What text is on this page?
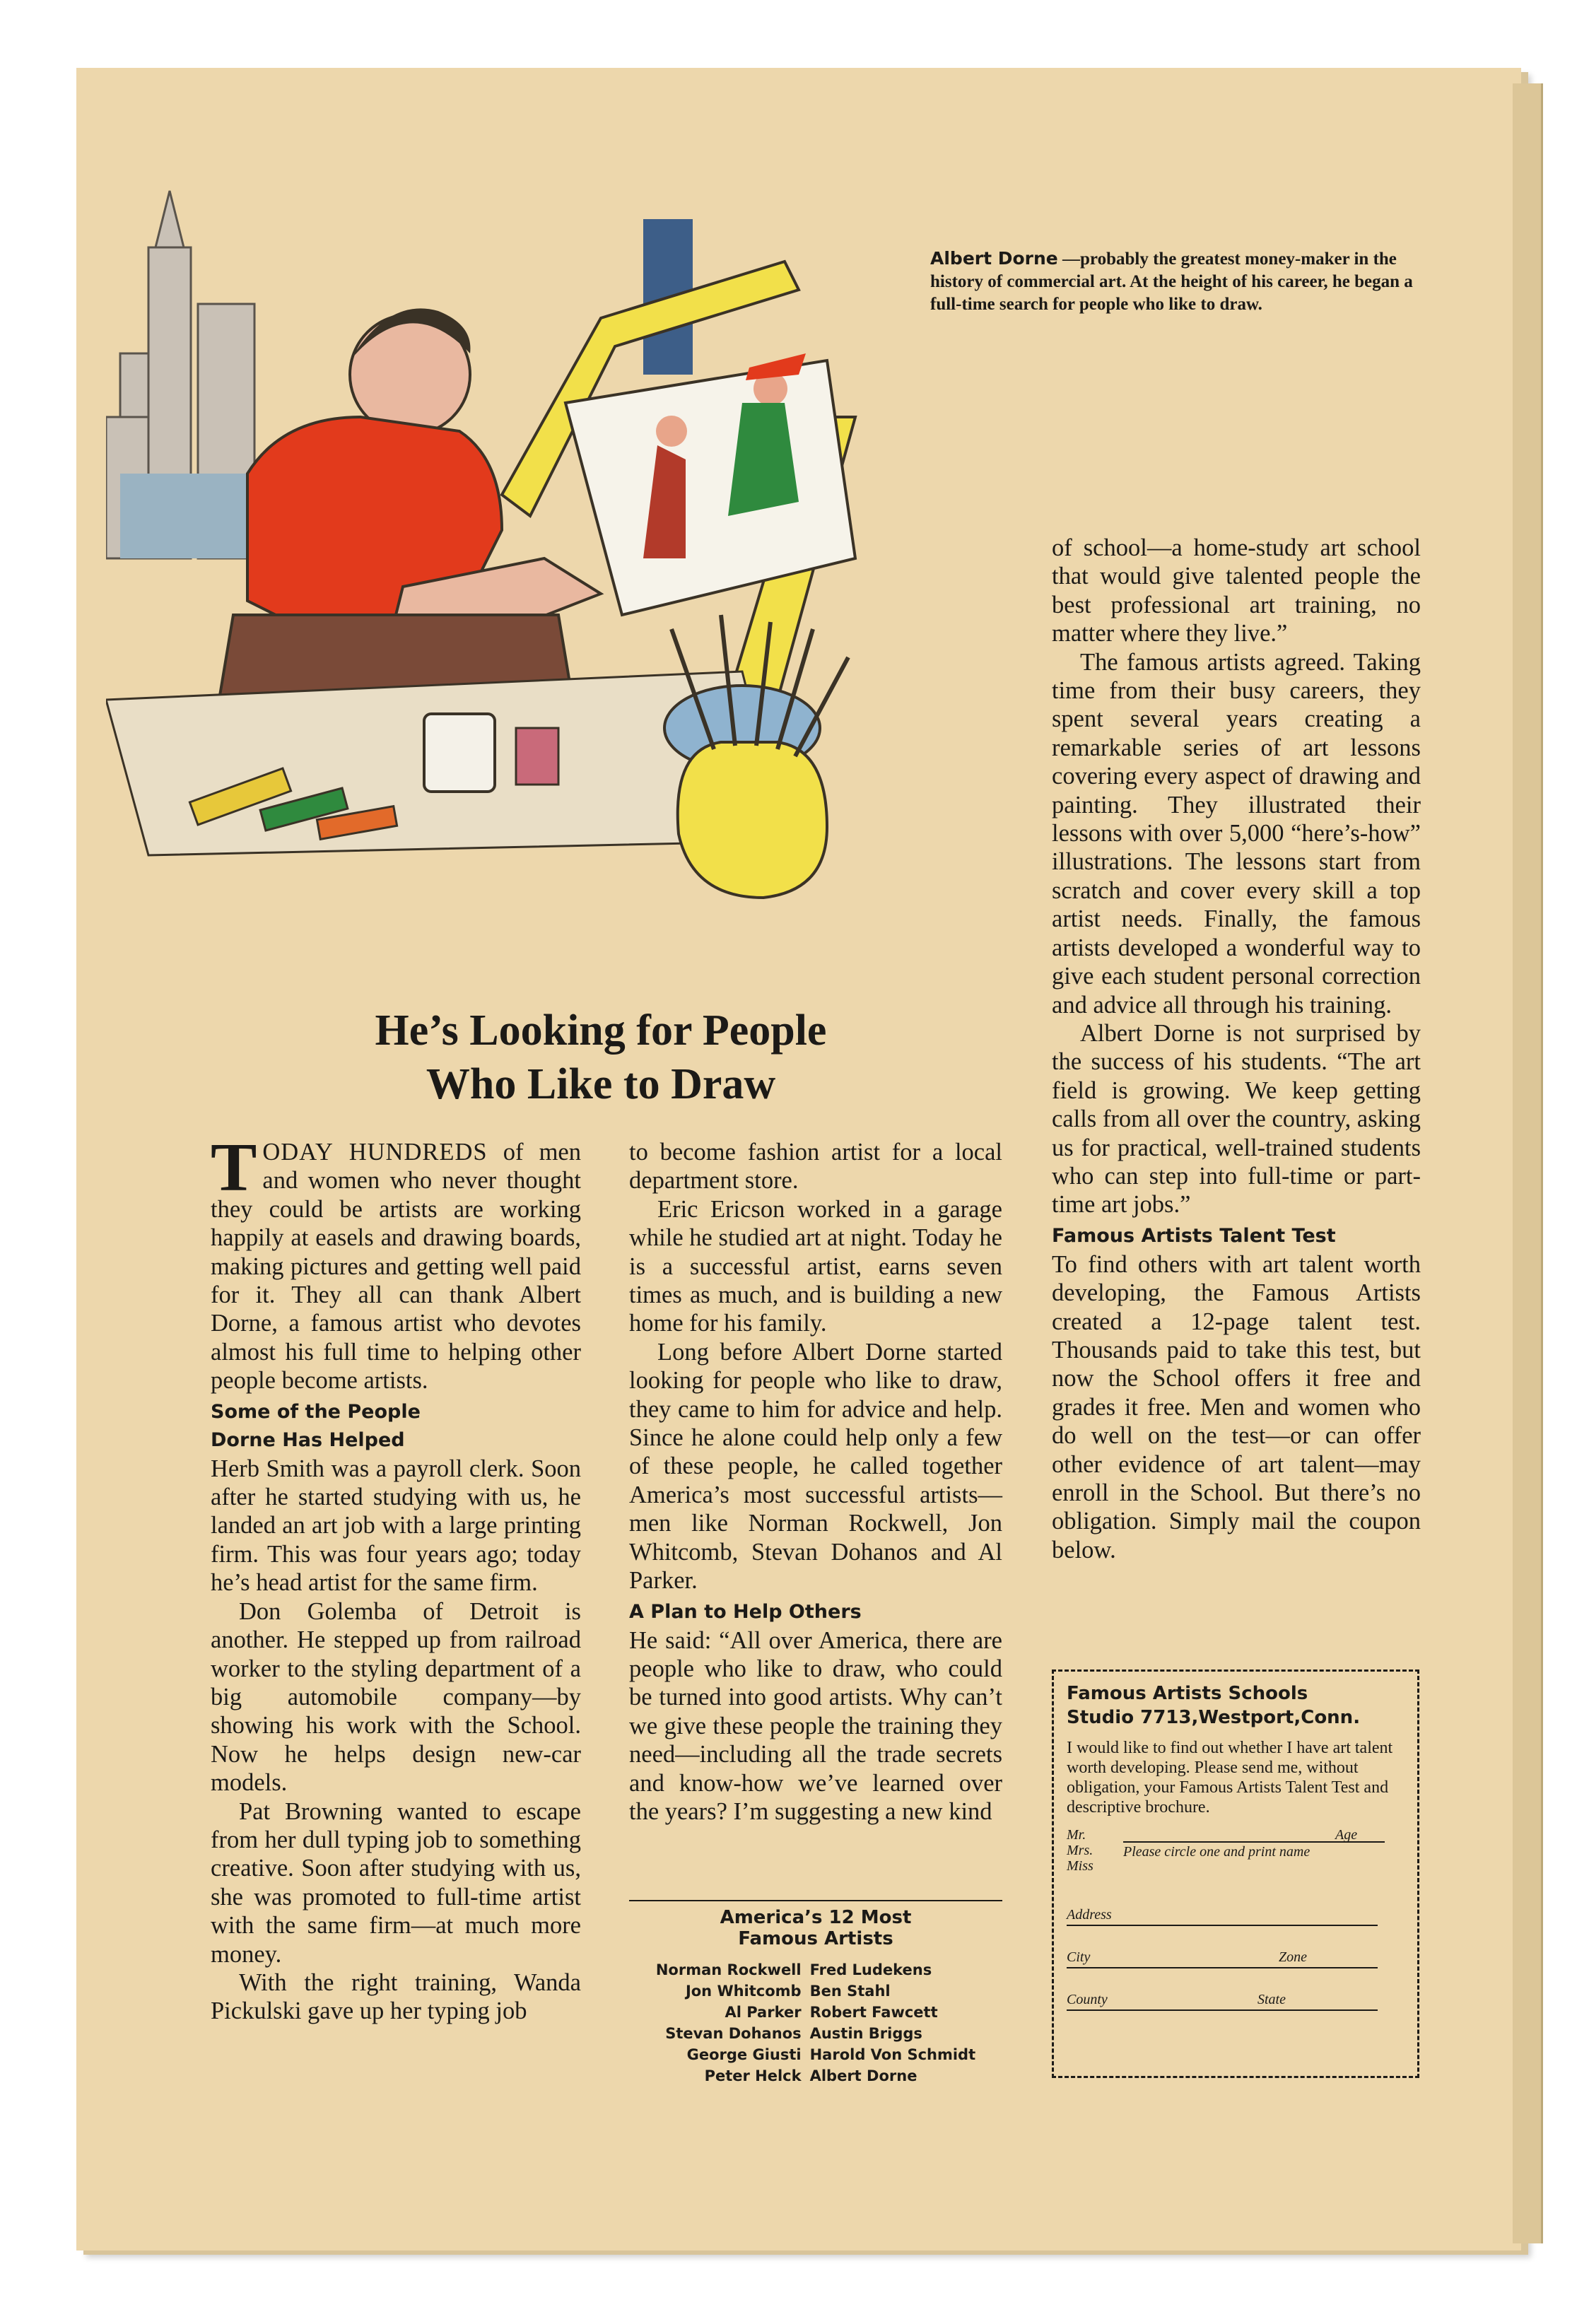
Albert Dorne —probably the greatest money-maker in the history of commercial art. At the height of his career, he began a full-time search for people who like to draw.
He’s Looking for People
Who Like to Draw

TODAY HUNDREDS of men and women who never thought they could be artists are working happily at easels and drawing boards, making pictures and getting well paid for it. They all can thank Albert Dorne, a famous artist who devotes almost his full time to helping other people become artists.

Some of the People

Dorne Has Helped

Herb Smith was a payroll clerk. Soon after he started studying with us, he landed an art job with a large printing firm. This was four years ago; today he’s head artist for the same firm.

Don Golemba of Detroit is another. He stepped up from railroad worker to the styling department of a big automobile company—by showing his work with the School. Now he helps design new-car models.

Pat Browning wanted to escape from her dull typing job to something creative. Soon after studying with us, she was promoted to full-time artist with the same firm—at much more money.

With the right training, Wanda Pickulski gave up her typing job

to become fashion artist for a local department store.

Eric Ericson worked in a garage while he studied art at night. Today he is a successful artist, earns seven times as much, and is building a new home for his family.

Long before Albert Dorne started looking for people who like to draw, they came to him for advice and help. Since he alone could help only a few of these people, he called together America’s most successful artists—men like Norman Rockwell, Jon Whitcomb, Stevan Dohanos and Al Parker.

A Plan to Help Others

He said: “All over America, there are people who like to draw, who could be turned into good artists. Why can’t we give these people the training they need—including all the trade secrets and know-how we’ve learned over the years? I’m suggesting a new kind

America’s 12 Most
Famous Artists
Norman Rockwell	Fred Ludekens
Jon Whitcomb	Ben Stahl
Al Parker	Robert Fawcett
Stevan Dohanos	Austin Briggs
George Giusti	Harold Von Schmidt
Peter Helck	Albert Dorne

of school—a home-study art school that would give talented people the best professional art training, no matter where they live.”

The famous artists agreed. Taking time from their busy careers, they spent several years creating a remarkable series of art lessons covering every aspect of drawing and painting. They illustrated their lessons with over 5,000 “here’s-how” illustrations. The lessons start from scratch and cover every skill a top artist needs. Finally, the famous artists developed a wonderful way to give each student personal correction and advice all through his training.

Albert Dorne is not surprised by the success of his students. “The art field is growing. We keep getting calls from all over the country, asking us for practical, well-trained students who can step into full-time or part-time art jobs.”

Famous Artists Talent Test

To find others with art talent worth developing, the Famous Artists created a 12-page talent test. Thousands paid to take this test, but now the School offers it free and grades it free. Men and women who do well on the test—or can offer other evidence of art talent—may enroll in the School. But there’s no obligation. Simply mail the coupon below.

Famous Artists Schools
Studio 7713,Westport,Conn.
I would like to find out whether I have art talent worth developing. Please send me, without obligation, your Famous Artists Talent Test and descriptive brochure.
Mr.
Mrs.
Miss
Age
Please circle one and print name
Address
City	Zone
County	State
